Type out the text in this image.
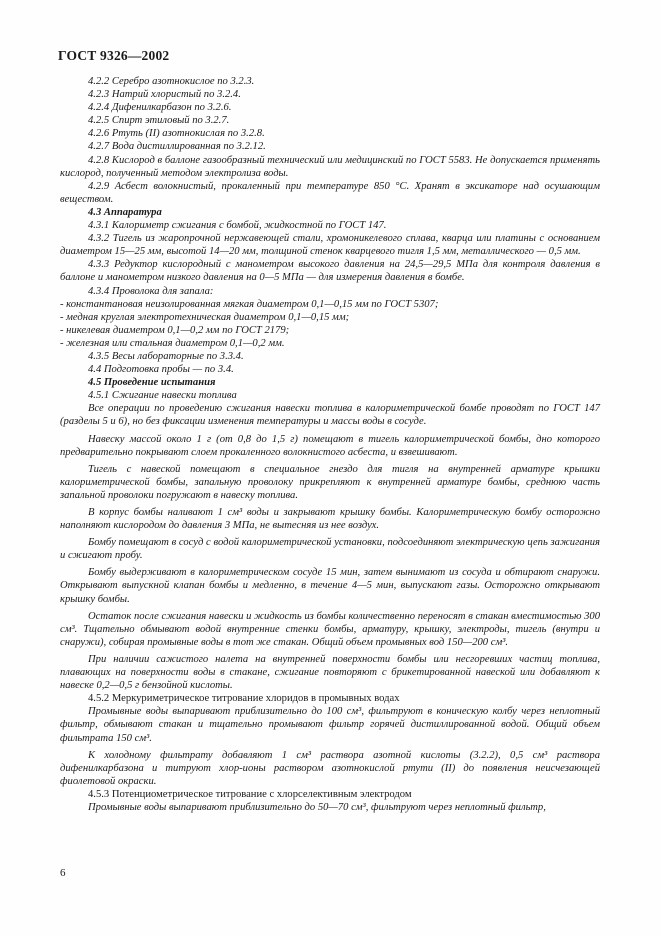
ГОСТ 9326—2002

4.2.2 Серебро азотнокислое по 3.2.3.

4.2.3 Натрий хлористый по 3.2.4.

4.2.4 Дифенилкарбазон по 3.2.6.

4.2.5 Спирт этиловый по 3.2.7.

4.2.6 Ртуть (II) азотнокислая по 3.2.8.

4.2.7 Вода дистиллированная по 3.2.12.

4.2.8 Кислород в баллоне газообразный технический или медицинский по ГОСТ 5583. Не допускается применять кислород, полученный методом электролиза воды.

4.2.9 Асбест волокнистый, прокаленный при температуре 850 °С. Хранят в эксикаторе над осушающим веществом.

4.3 Аппаратура

4.3.1 Калориметр сжигания с бомбой, жидкостной по ГОСТ 147.

4.3.2 Тигель из жаропрочной нержавеющей стали, хромоникелевого сплава, кварца или платины с основанием диаметром 15—25 мм, высотой 14—20 мм, толщиной стенок кварцевого тигля 1,5 мм, металлического — 0,5 мм.

4.3.3 Редуктор кислородный с манометром высокого давления на 24,5—29,5 МПа для контроля давления в баллоне и манометром низкого давления на 0—5 МПа — для измерения давления в бомбе.

4.3.4 Проволока для запала:

- константановая неизолированная мягкая диаметром 0,1—0,15 мм по ГОСТ 5307;

- медная круглая электротехническая диаметром 0,1—0,15 мм;

- никелевая диаметром 0,1—0,2 мм по ГОСТ 2179;

- железная или стальная диаметром 0,1—0,2 мм.

4.3.5 Весы лабораторные по 3.3.4.

4.4 Подготовка пробы — по 3.4.

4.5 Проведение испытания

4.5.1 Сжигание навески топлива

Все операции по проведению сжигания навески топлива в калориметрической бомбе проводят по ГОСТ 147 (разделы 5 и 6), но без фиксации изменения температуры и массы воды в сосуде.

Навеску массой около 1 г (от 0,8 до 1,5 г) помещают в тигель калориметрической бомбы, дно которого предварительно покрывают слоем прокаленного волокнистого асбеста, и взвешивают.

Тигель с навеской помещают в специальное гнездо для тигля на внутренней арматуре крышки калориметрической бомбы, запальную проволоку прикрепляют к внутренней арматуре бомбы, среднюю часть запальной проволоки погружают в навеску топлива.

В корпус бомбы наливают 1 см³ воды и закрывают крышку бомбы. Калориметрическую бомбу осторожно наполняют кислородом до давления 3 МПа, не вытесняя из нее воздух.

Бомбу помещают в сосуд с водой калориметрической установки, подсоединяют электрическую цепь зажигания и сжигают пробу.

Бомбу выдерживают в калориметрическом сосуде 15 мин, затем вынимают из сосуда и обтирают снаружи. Открывают выпускной клапан бомбы и медленно, в течение 4—5 мин, выпускают газы. Осторожно открывают крышку бомбы.

Остаток после сжигания навески и жидкость из бомбы количественно переносят в стакан вместимостью 300 см³. Тщательно обмывают водой внутренние стенки бомбы, арматуру, крышку, электроды, тигель (внутри и снаружи), собирая промывные воды в тот же стакан. Общий объем промывных вод 150—200 см³.

При наличии сажистого налета на внутренней поверхности бомбы или несгоревших частиц топлива, плавающих на поверхности воды в стакане, сжигание повторяют с брикетированной навеской или добавляют к навеске 0,2—0,5 г бензойной кислоты.

4.5.2 Меркуриметрическое титрование хлоридов в промывных водах

Промывные воды выпаривают приблизительно до 100 см³, фильтруют в коническую колбу через неплотный фильтр, обмывают стакан и тщательно промывают фильтр горячей дистиллированной водой. Общий объем фильтрата 150 см³.

К холодному фильтрату добавляют 1 см³ раствора азотной кислоты (3.2.2), 0,5 см³ раствора дифенилкарбазона и титруют хлор-ионы раствором азотнокислой ртути (II) до появления неисчезающей фиолетовой окраски.

4.5.3 Потенциометрическое титрование с хлорселективным электродом

Промывные воды выпаривают приблизительно до 50—70 см³, фильтруют через неплотный фильтр,

6
